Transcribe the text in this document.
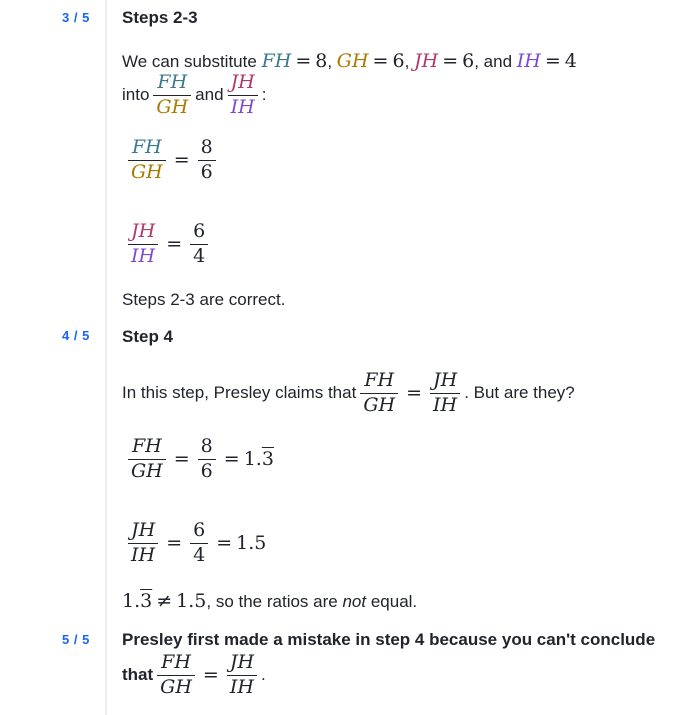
3 / 5 Steps 2-3
We can substitute FH = 8, GH = 6, JH = 6, and IH = 4
into $\frac{FH}{GH}$ and $\frac{JH}{IH}$ :
$\frac{FH}{GH} = \frac{8}{6}$
$\frac{JH}{IH} = \frac{6}{4}$
Steps 2-3 are correct.
4 / 5 Step 4
In this step, Presley claims that $\frac{FH}{GH} = \frac{JH}{IH}$ . But are they?
$\frac{FH}{GH} = \frac{8}{6} = 1.3$
$\frac{JH}{IH} = \frac{6}{4} = 1.5$
1.3 ≠ 1.5, so the ratios are not equal.
5 / 5 Presley first made a mistake in step 4 because you can't conclude
that $\frac{FH}{GH} = \frac{JH}{IH}$ .
